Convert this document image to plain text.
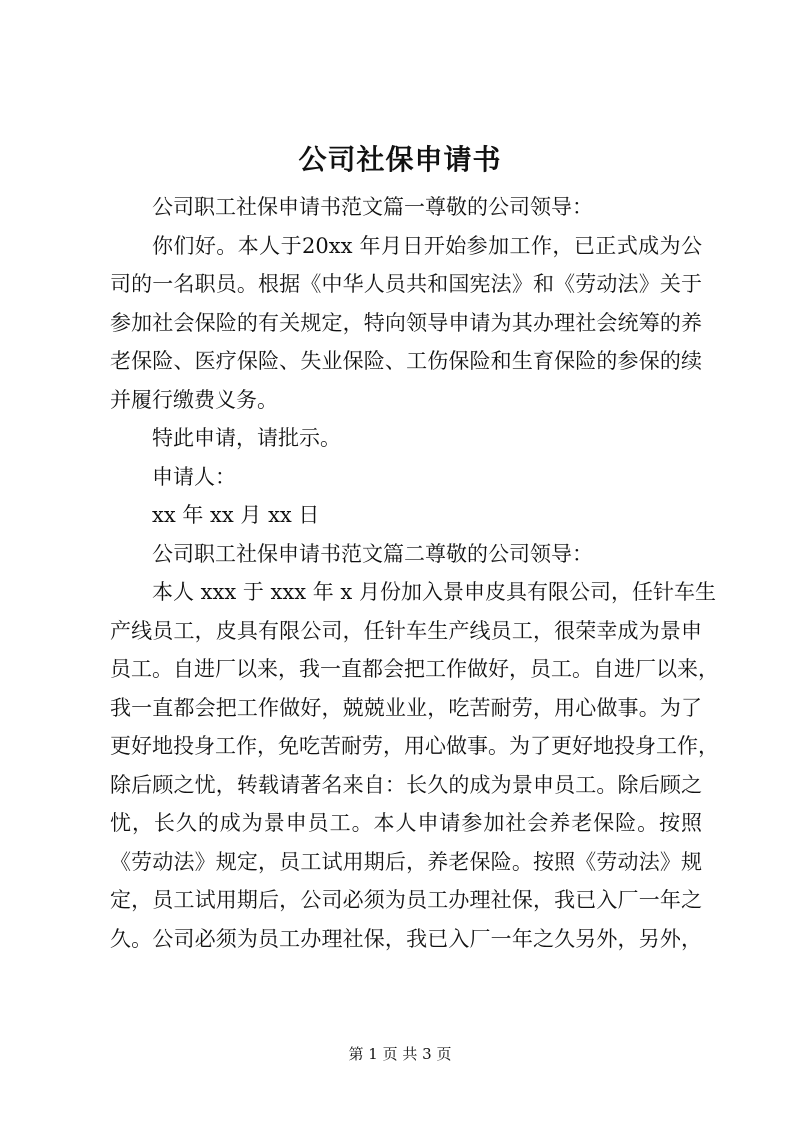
公司社保申请书
公司职工社保申请书范文篇一尊敬的公司领导：
你们好。本人于20xx 年月日开始参加工作，已正式成为公
司的一名职员。根据《中华人员共和国宪法》和《劳动法》关于
参加社会保险的有关规定，特向领导申请为其办理社会统筹的养
老保险、医疗保险、失业保险、工伤保险和生育保险的参保的续
并履行缴费义务。
特此申请，请批示。
申请人：
xx 年 xx 月 xx 日
公司职工社保申请书范文篇二尊敬的公司领导：
本人 xxx 于 xxx 年 x 月份加入景申皮具有限公司，任针车生
产线员工，皮具有限公司，任针车生产线员工，很荣幸成为景申
员工。自进厂以来，我一直都会把工作做好，员工。自进厂以来，
我一直都会把工作做好，兢兢业业，吃苦耐劳，用心做事。为了
更好地投身工作，免吃苦耐劳，用心做事。为了更好地投身工作，
除后顾之忧，转载请著名来自：长久的成为景申员工。除后顾之
忧，长久的成为景申员工。本人申请参加社会养老保险。按照
《劳动法》规定，员工试用期后，养老保险。按照《劳动法》规
定，员工试用期后，公司必须为员工办理社保，我已入厂一年之
久。公司必须为员工办理社保，我已入厂一年之久另外，另外，
第 1 页 共 3 页
